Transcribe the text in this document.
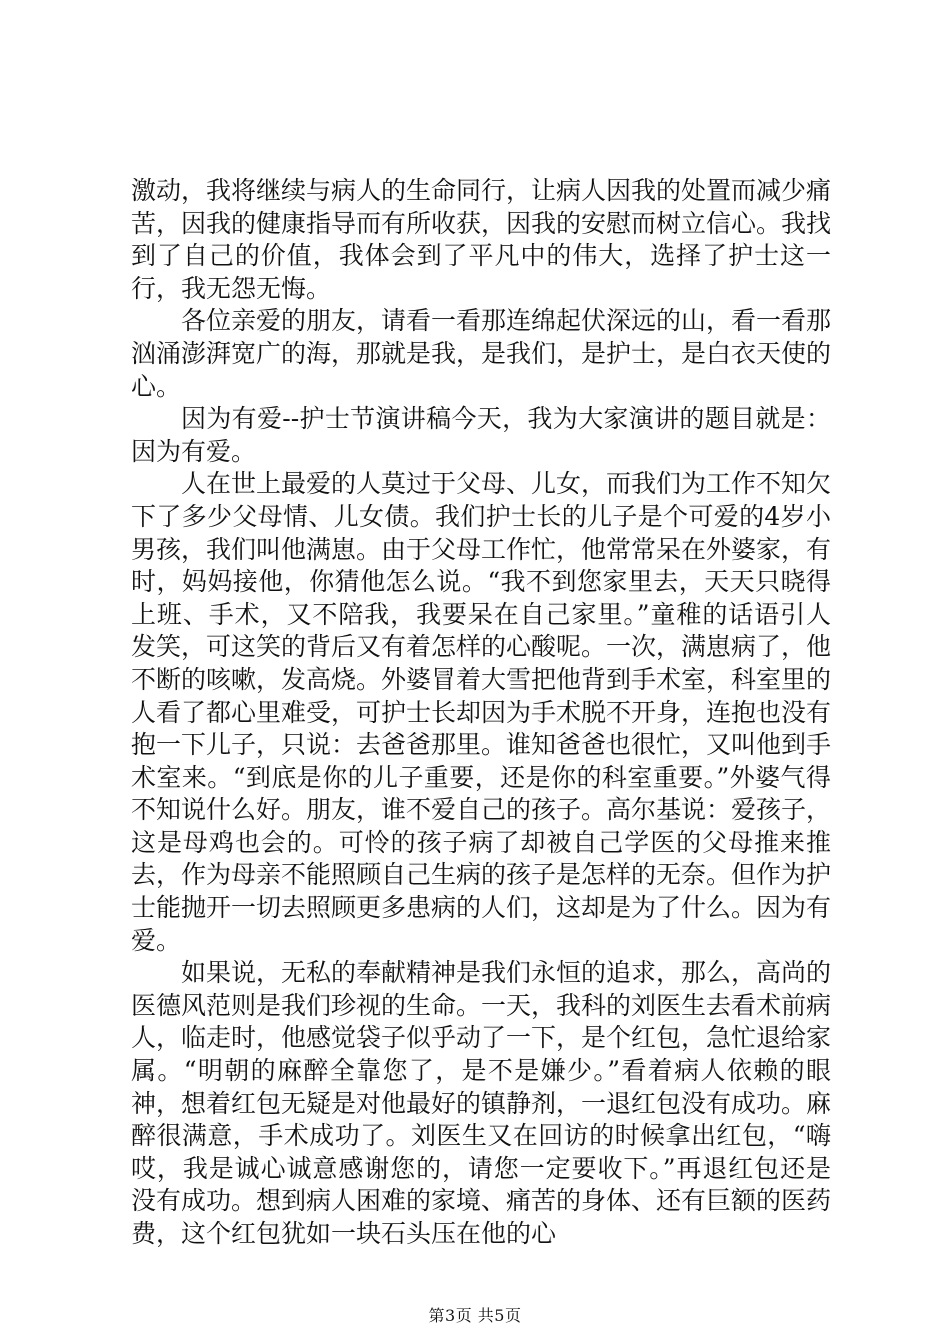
激动，我将继续与病人的生命同行，让病人因我的处置而减少痛苦，因我的健康指导而有所收获，因我的安慰而树立信心。我找到了自己的价值，我体会到了平凡中的伟大，选择了护士这一行，我无怨无悔。

各位亲爱的朋友，请看一看那连绵起伏深远的山，看一看那汹涌澎湃宽广的海，那就是我，是我们，是护士，是白衣天使的心。

因为有爱--护士节演讲稿今天，我为大家演讲的题目就是：因为有爱。

人在世上最爱的人莫过于父母、儿女，而我们为工作不知欠下了多少父母情、儿女债。我们护士长的儿子是个可爱的4岁小男孩，我们叫他满崽。由于父母工作忙，他常常呆在外婆家，有时，妈妈接他，你猜他怎么说。“我不到您家里去，天天只晓得上班、手术，又不陪我，我要呆在自己家里。”童稚的话语引人发笑，可这笑的背后又有着怎样的心酸呢。一次，满崽病了，他不断的咳嗽，发高烧。外婆冒着大雪把他背到手术室，科室里的人看了都心里难受，可护士长却因为手术脱不开身，连抱也没有抱一下儿子，只说：去爸爸那里。谁知爸爸也很忙，又叫他到手术室来。“到底是你的儿子重要，还是你的科室重要。”外婆气得不知说什么好。朋友，谁不爱自己的孩子。高尔基说：爱孩子，这是母鸡也会的。可怜的孩子病了却被自己学医的父母推来推去，作为母亲不能照顾自己生病的孩子是怎样的无奈。但作为护士能抛开一切去照顾更多患病的人们，这却是为了什么。因为有爱。

如果说，无私的奉献精神是我们永恒的追求，那么，高尚的医德风范则是我们珍视的生命。一天，我科的刘医生去看术前病人，临走时，他感觉袋子似乎动了一下，是个红包，急忙退给家属。“明朝的麻醉全靠您了，是不是嫌少。”看着病人依赖的眼神，想着红包无疑是对他最好的镇静剂，一退红包没有成功。麻醉很满意，手术成功了。刘医生又在回访的时候拿出红包，“嗨哎，我是诚心诚意感谢您的，请您一定要收下。”再退红包还是没有成功。想到病人困难的家境、痛苦的身体、还有巨额的医药费，这个红包犹如一块石头压在他的心

第3页 共5页
